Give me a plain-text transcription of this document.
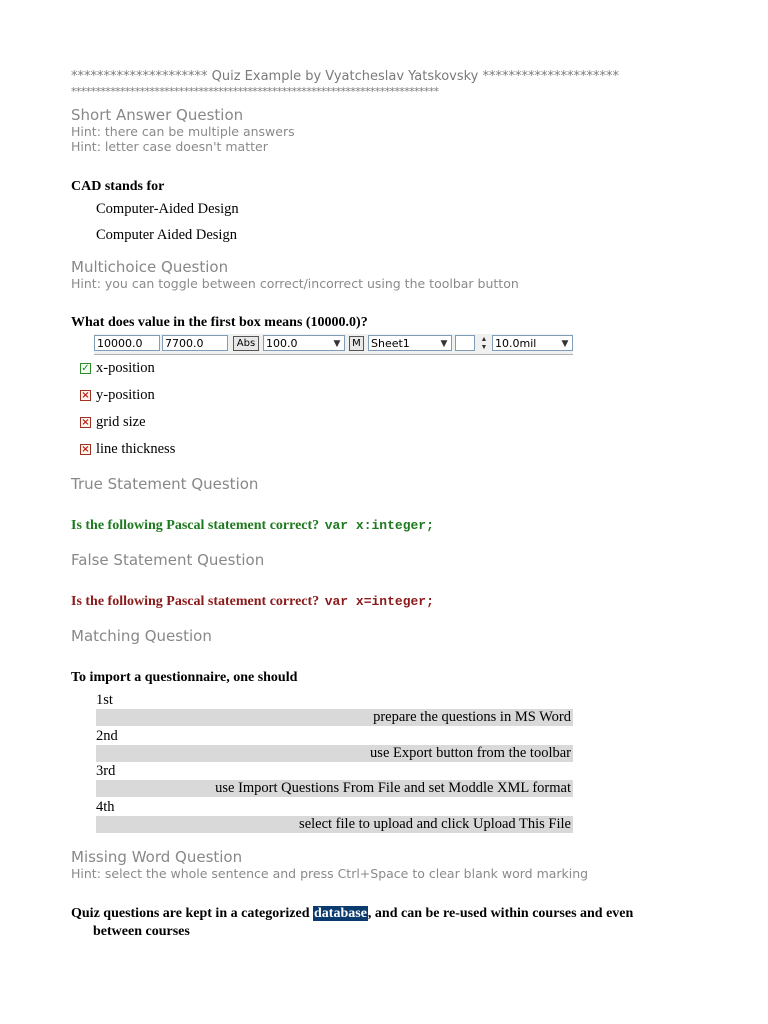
********************* Quiz Example by Vyatcheslav Yatskovsky *********************
***************************************************************************
Short Answer Question
Hint: there can be multiple answers
Hint: letter case doesn't matter
CAD stands for
Computer-Aided Design
Computer Aided Design
Multichoice Question
Hint: you can toggle between correct/incorrect using the toolbar button
What does value in the first box means (10000.0)?
10000.0	7700.0	Abs 100.0	▼	M Sheet1	▼	▲
▼ 10.0mil	▼
✓ x-position
× y-position
× grid size
× line thickness
True Statement Question
Is the following Pascal statement correct? var x:integer;
False Statement Question
Is the following Pascal statement correct? var x=integer;
Matching Question
To import a questionnaire, one should
1st
prepare the questions in MS Word
2nd
use Export button from the toolbar
3rd
use Import Questions From File and set Moddle XML format
4th
select file to upload and click Upload This File
Missing Word Question
Hint: select the whole sentence and press Ctrl+Space to clear blank word marking
Quiz questions are kept in a categorized database, and can be re-used within courses and even
between courses
